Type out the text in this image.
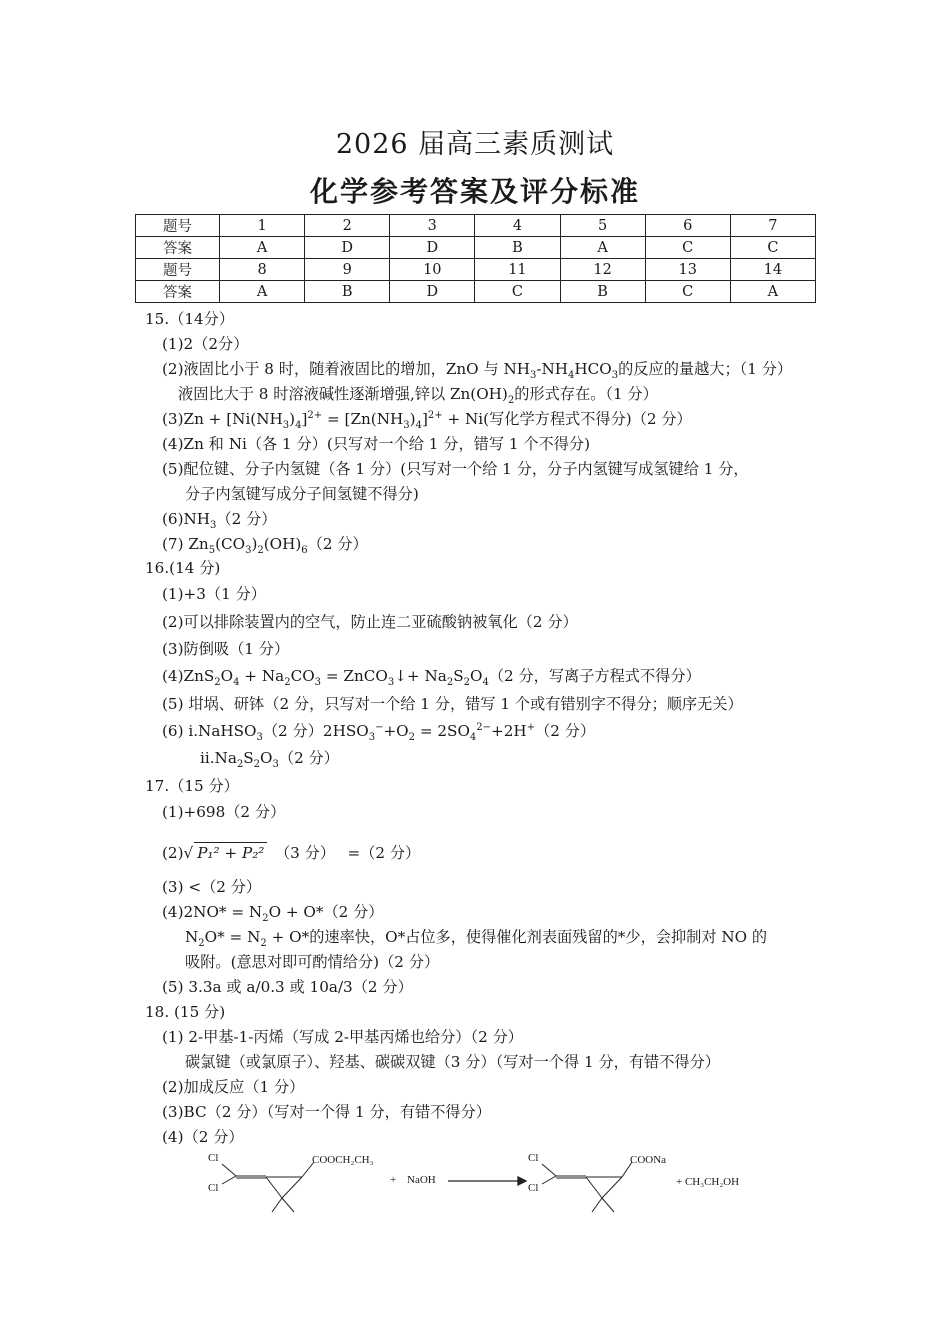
2026 届高三素质测试
化学参考答案及评分标准
题号	1	2	3	4	5	6	7
答案	A	D	D	B	A	C	C
题号	8	9	10	11	12	13	14
答案	A	B	D	C	B	C	A
15.（14分）
(1)2（2分）
(2)液固比小于 8 时，随着液固比的增加，ZnO 与 $NH_3-NH_4HCO_3$的反应的量越大；（1 分）
液固比大于 8 时溶液碱性逐渐增强,锌以 $Zn(OH)_2$的形式存在。（1 分）
$(3)Zn + [Ni(NH_3)_4]^{2+} = [Zn(NH_3)_4]^{2+} + Ni$(写化学方程式不得分)（2 分）
(4)Zn 和 Ni（各 1 分）(只写对一个给 1 分，错写 1 个不得分)
(5)配位键、分子内氢键（各 1 分）(只写对一个给 1 分，分子内氢键写成氢键给 1 分，
分子内氢键写成分子间氢键不得分)
$(6)NH_3(2$ 分）
(7) $Zn_5(CO_3)_2(OH)_6(2$ 分）
16.(14 分)
(1)+3（1 分）
(2)可以排除装置内的空气，防止连二亚硫酸钠被氧化（2 分）
(3)防倒吸（1 分）
$(4)ZnS_2O_4 + Na_2CO_3$ = ZnCO$_3$↓+ $Na_2S_2O_4(2$ 分，写离子方程式不得分）
(5) 坩埚、研钵（2 分，只写对一个给 1 分，错写 1 个或有错别字不得分；顺序无关）
(6) ⅰ.NaHSO$_3$（2 分）$2HSO_3^-+O_2 = 2SO_4^{2-}+2H^+(2$ 分）
$ⅱ.Na_2S_2O_3(2$ 分）
17.（15 分）
(1)+698（2 分）
(2)√ P₁² + P₂²　 （3 分）　 =（2 分）
(3) <（2 分）
$(4)2NO* = N_2O + O*(2$ 分）
$N_2O* = N_2 + O*$的速率快，O*占位多，使得催化剂表面残留的*少，会抑制对 NO 的
吸附。(意思对即可酌情给分)（2 分）
(5) 3.3a 或 a/0.3 或 10a/3（2 分）
18. (15 分)
(1) 2-甲基-1-丙烯（写成 2-甲基丙烯也给分）（2 分）
碳氯键（或氯原子）、羟基、碳碳双键（3 分）（写对一个得 1 分，有错不得分）
(2)加成反应（1 分）
(3)BC（2 分）（写对一个得 1 分，有错不得分）
(4)（2 分）
Cl
Cl
COOCH₂CH₃
+ NaOH
Cl
Cl
COONa
+ CH₃CH₂OH
